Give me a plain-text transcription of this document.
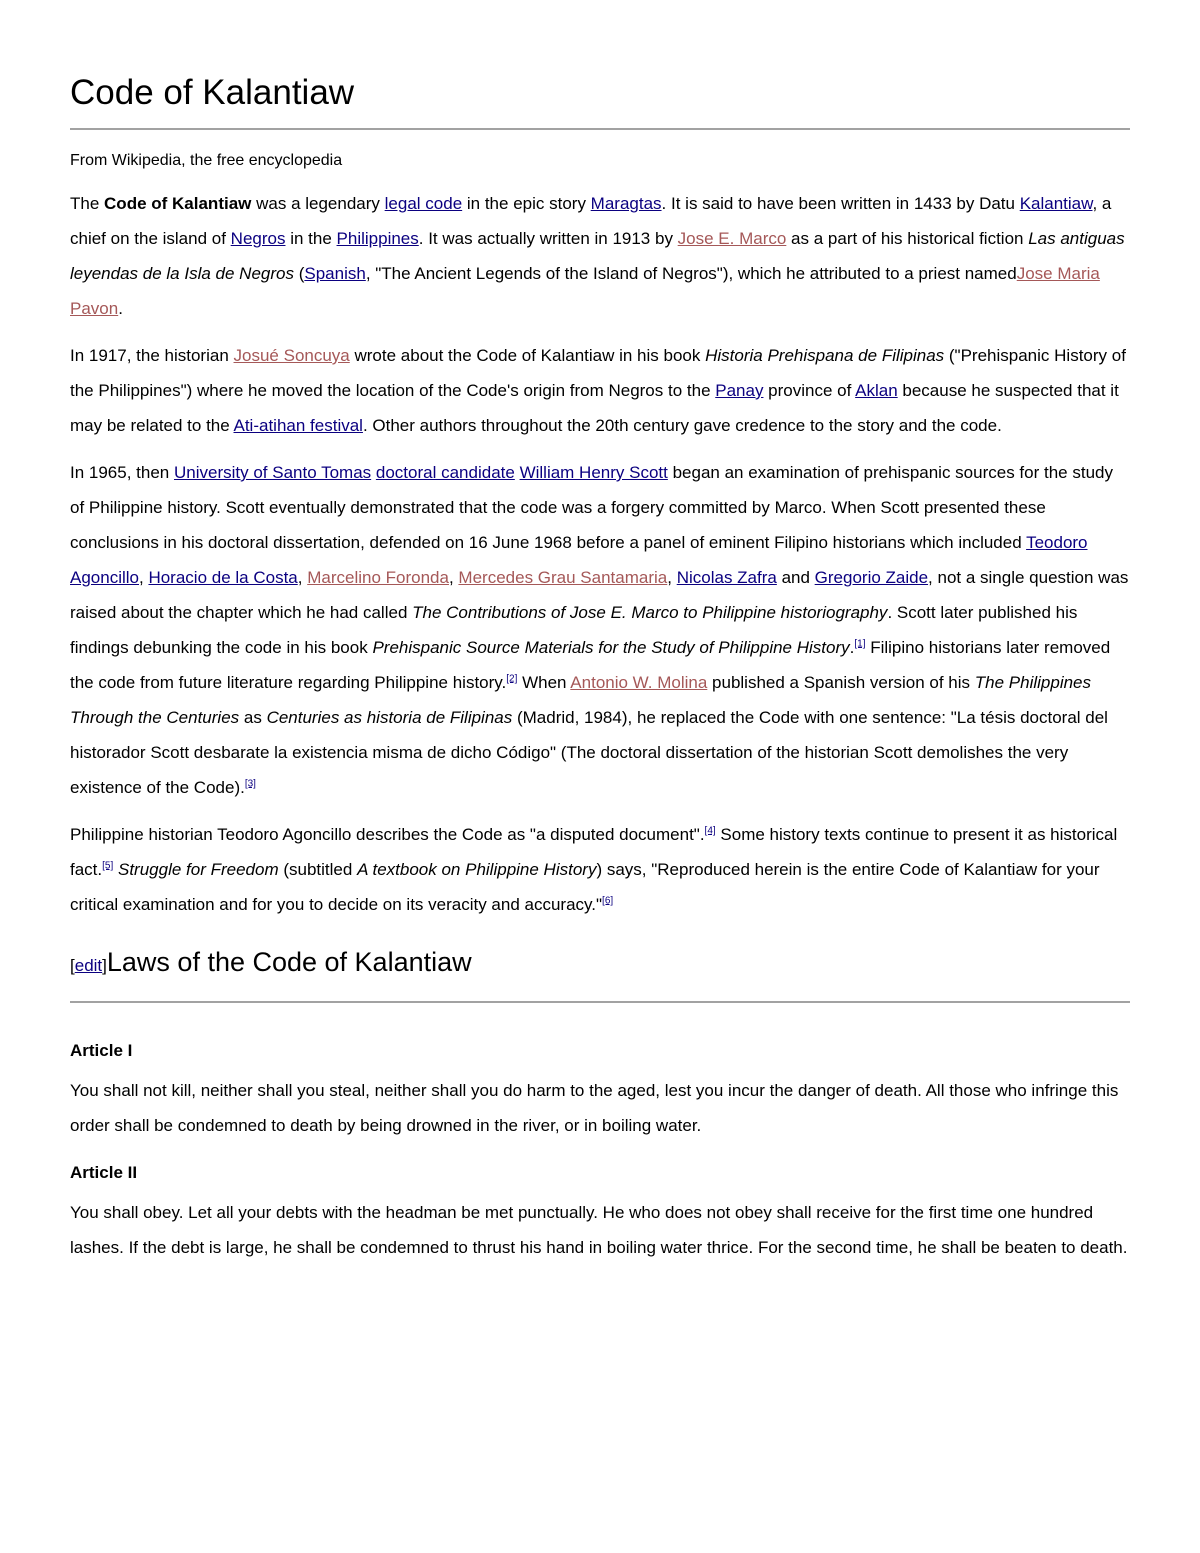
Code of Kalantiaw
From Wikipedia, the free encyclopedia

The Code of Kalantiaw was a legendary legal code in the epic story Maragtas. It is said to have been written in 1433 by Datu Kalantiaw, a chief on the island of Negros in the Philippines. It was actually written in 1913 by Jose E. Marco as a part of his historical fiction Las antiguas leyendas de la Isla de Negros (Spanish, "The Ancient Legends of the Island of Negros"), which he attributed to a priest namedJose Maria Pavon.

In 1917, the historian Josué Soncuya wrote about the Code of Kalantiaw in his book Historia Prehispana de Filipinas ("Prehispanic History of the Philippines") where he moved the location of the Code's origin from Negros to the Panay province of Aklan because he suspected that it may be related to the Ati-atihan festival. Other authors throughout the 20th century gave credence to the story and the code.

In 1965, then University of Santo Tomas doctoral candidate William Henry Scott began an examination of prehispanic sources for the study of Philippine history. Scott eventually demonstrated that the code was a forgery committed by Marco. When Scott presented these conclusions in his doctoral dissertation, defended on 16 June 1968 before a panel of eminent Filipino historians which included Teodoro Agoncillo, Horacio de la Costa, Marcelino Foronda, Mercedes Grau Santamaria, Nicolas Zafra and Gregorio Zaide, not a single question was raised about the chapter which he had called The Contributions of Jose E. Marco to Philippine historiography. Scott later published his findings debunking the code in his book Prehispanic Source Materials for the Study of Philippine History.[1] Filipino historians later removed the code from future literature regarding Philippine history.[2] When Antonio W. Molina published a Spanish version of his The Philippines Through the Centuries as Centuries as historia de Filipinas (Madrid, 1984), he replaced the Code with one sentence: "La tésis doctoral del historador Scott desbarate la existencia misma de dicho Código" (The doctoral dissertation of the historian Scott demolishes the very existence of the Code).[3]

Philippine historian Teodoro Agoncillo describes the Code as "a disputed document".[4] Some history texts continue to present it as historical fact.[5] Struggle for Freedom (subtitled A textbook on Philippine History) says, "Reproduced herein is the entire Code of Kalantiaw for your critical examination and for you to decide on its veracity and accuracy."[6]

[edit]Laws of the Code of Kalantiaw
Article I

You shall not kill, neither shall you steal, neither shall you do harm to the aged, lest you incur the danger of death. All those who infringe this order shall be condemned to death by being drowned in the river, or in boiling water.

Article II

You shall obey. Let all your debts with the headman be met punctually. He who does not obey shall receive for the first time one hundred lashes. If the debt is large, he shall be condemned to thrust his hand in boiling water thrice. For the second time, he shall be beaten to death.
